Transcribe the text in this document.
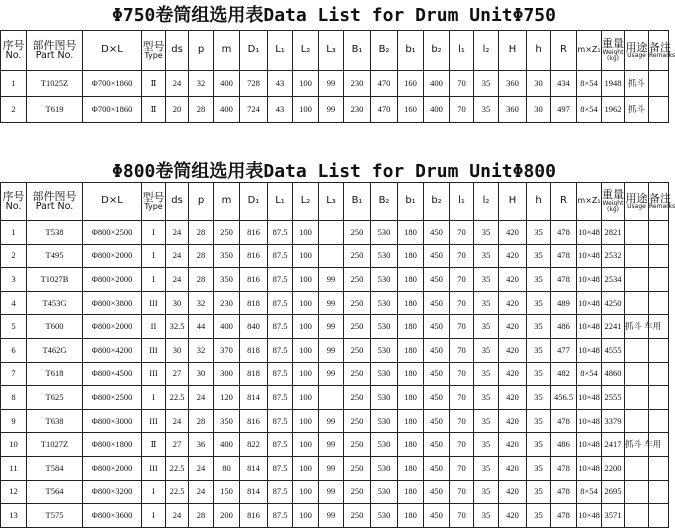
Φ750卷筒组选用表Data List for Drum UnitΦ750
序号
No.	部件图号
Part No.	D×L	型号
Type	ds	p	m	D₁	L₁	L₂	L₃	B₁	B₂	b₁	b₂	l₁	l₂	H	h	R	m×Z₁	重量
Weight
(kg)	用途
Usage	备注
Remarks

1	T1025Z	Φ700×1860	Ⅱ	24	32	400	728	43	100	99	230	470	160	400	70	35	360	30	434	8×54	1948	抓斗	
2	T619	Φ700×1860	Ⅱ	20	28	400	724	43	100	99	230	470	160	400	70	35	360	30	497	8×54	1962	抓斗	
Φ800卷筒组选用表Data List for Drum UnitΦ800
序号
No.	部件图号
Part No.	D×L	型号
Type	ds	p	m	D₁	L₁	L₂	L₃	B₁	B₂	b₁	b₂	l₁	l₂	H	h	R	m×Z₁	重量
Weight
(kg)	用途
Usage	备注
Remarks

1	T538	Φ800×2500	I	24	28	250	816	87.5	100		250	530	180	450	70	35	420	35	478	10×48	2821		
2	T495	Φ800×2000	I	24	28	350	816	87.5	100		250	530	180	450	70	35	420	35	478	10×48	2532		
3	T1027B	Φ800×2000	I	24	28	350	816	87.5	100	99	250	530	180	450	70	35	420	35	478	10×48	2534		
4	T453G	Φ800×3800	III	30	32	230	818	87.5	100	99	250	530	180	450	70	35	420	35	489	10×48	4250		
5	T600	Φ800×2000	II	32.5	44	400	840	87.5	100	99	250	530	180	450	70	35	420	35	486	10×48	2241	抓斗 车用	
6	T462G	Φ800×4200	III	30	32	370	818	87.5	100	99	250	530	180	450	70	35	420	35	477	10×48	4555		
7	T618	Φ800×4500	III	27	30	300	818	87.5	100	99	250	530	180	450	70	35	420	35	482	8×54	4860		
8	T625	Φ800×2500	I	22.5	24	120	814	87.5	100		250	530	180	450	70	35	420	35	456.5	10×48	2555		
9	T638	Φ800×3000	III	24	28	350	816	87.5	100	99	250	530	180	450	70	35	420	35	478	10×48	3379		
10	T1027Z	Φ800×1800	Ⅱ	27	36	400	822	87.5	100	99	250	530	180	450	70	35	420	35	486	10×48	2417	抓斗 车用	
11	T584	Φ800×2000	III	22.5	24	80	814	87.5	100	99	250	530	180	450	70	35	420	35	478	10×48	2200		
12	T564	Φ800×3200	I	22.5	24	150	814	87.5	100	99	250	530	180	450	70	35	420	35	478	8×54	2695		
13	T575	Φ800×3600	I	24	28	200	816	87.5	100	99	250	530	180	450	70	35	420	35	478	10×48	3571		
